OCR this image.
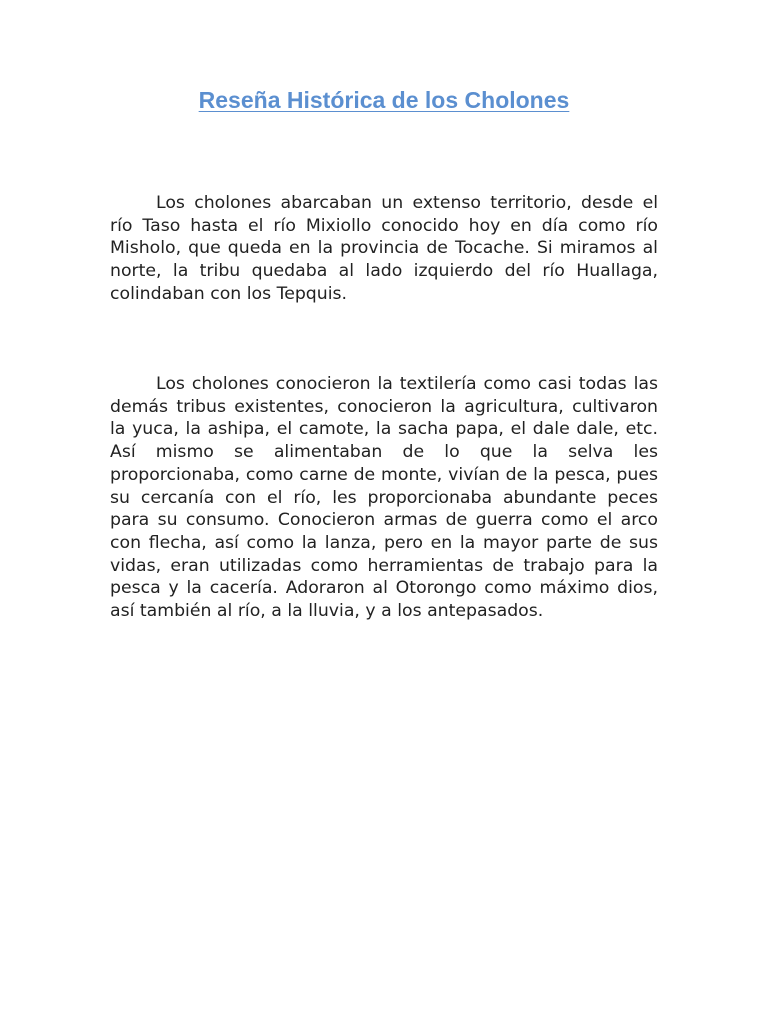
Reseña Histórica de los Cholones

Los cholones abarcaban un extenso territorio, desde el río Taso hasta el río Mixiollo conocido hoy en día como río Misholo, que queda en la provincia de Tocache. Si miramos al norte, la tribu quedaba al lado izquierdo del río Huallaga, colindaban con los Tepquis.

Los cholones conocieron la textilería como casi todas las demás tribus existentes, conocieron la agricultura, cultivaron la yuca, la ashipa, el camote, la sacha papa, el dale dale, etc. Así mismo se alimentaban de lo que la selva les proporcionaba, como carne de monte, vivían de la pesca, pues su cercanía con el río, les proporcionaba abundante peces para su consumo. Conocieron armas de guerra como el arco con flecha, así como la lanza, pero en la mayor parte de sus vidas, eran utilizadas como herramientas de trabajo para la pesca y la cacería. Adoraron al Otorongo como máximo dios, así también al río, a la lluvia, y a los antepasados.
